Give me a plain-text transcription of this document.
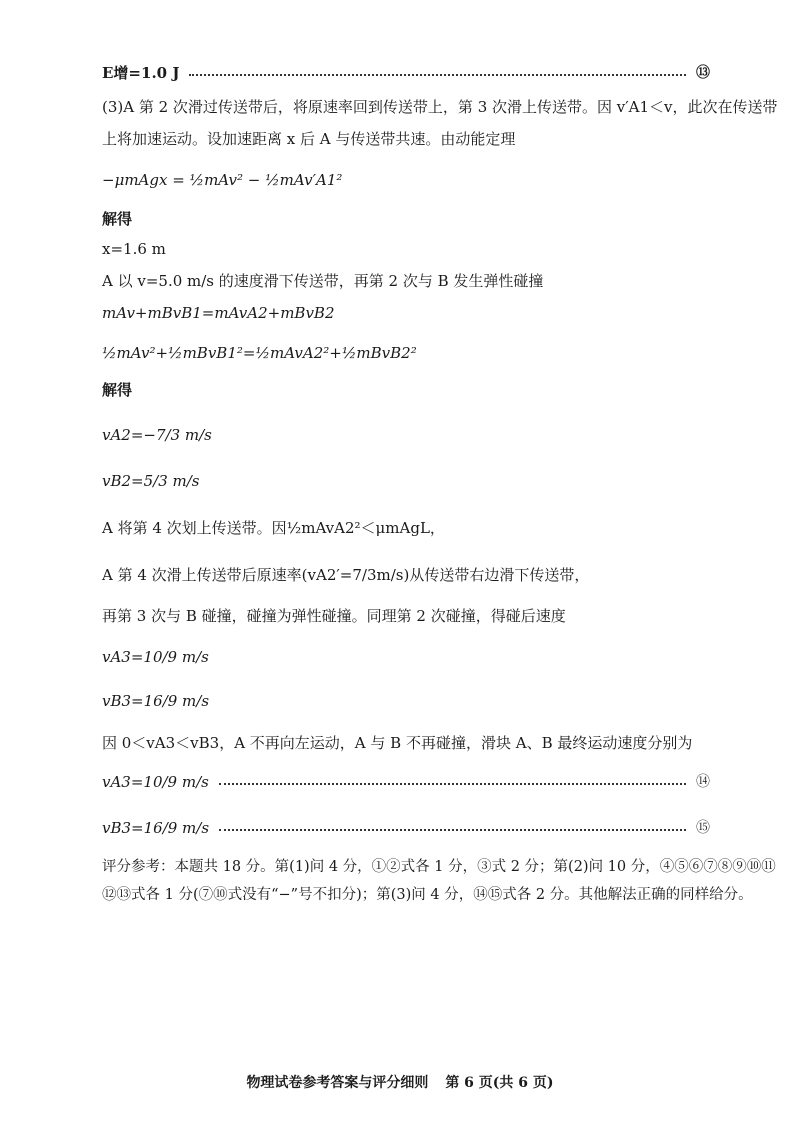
E增=1.0 J	⑬
(3)A 第 2 次滑过传送带后，将原速率回到传送带上，第 3 次滑上传送带。因 v′A1＜v，此次在传送带
上将加速运动。设加速距离 x 后 A 与传送带共速。由动能定理
−μmAgx = ½mAv² − ½mAv′A1²
解得
x=1.6 m
A 以 v=5.0 m/s 的速度滑下传送带，再第 2 次与 B 发生弹性碰撞
mAv+mBvB1=mAvA2+mBvB2
½mAv²+½mBvB1²=½mAvA2²+½mBvB2²
解得
vA2=−7/3 m/s
vB2=5/3 m/s
A 将第 4 次划上传送带。因½mAvA2²＜μmAgL，
A 第 4 次滑上传送带后原速率(vA2′=7/3m/s)从传送带右边滑下传送带，
再第 3 次与 B 碰撞，碰撞为弹性碰撞。同理第 2 次碰撞，得碰后速度
vA3=10/9 m/s
vB3=16/9 m/s
因 0＜vA3＜vB3，A 不再向左运动，A 与 B 不再碰撞，滑块 A、B 最终运动速度分别为
vA3=10/9 m/s	⑭
vB3=16/9 m/s	⑮
评分参考：本题共 18 分。第(1)问 4 分，①②式各 1 分，③式 2 分；第(2)问 10 分，④⑤⑥⑦⑧⑨⑩⑪
⑫⑬式各 1 分(⑦⑩式没有“−”号不扣分)；第(3)问 4 分，⑭⑮式各 2 分。其他解法正确的同样给分。
物理试卷参考答案与评分细则 第 6 页(共 6 页)
